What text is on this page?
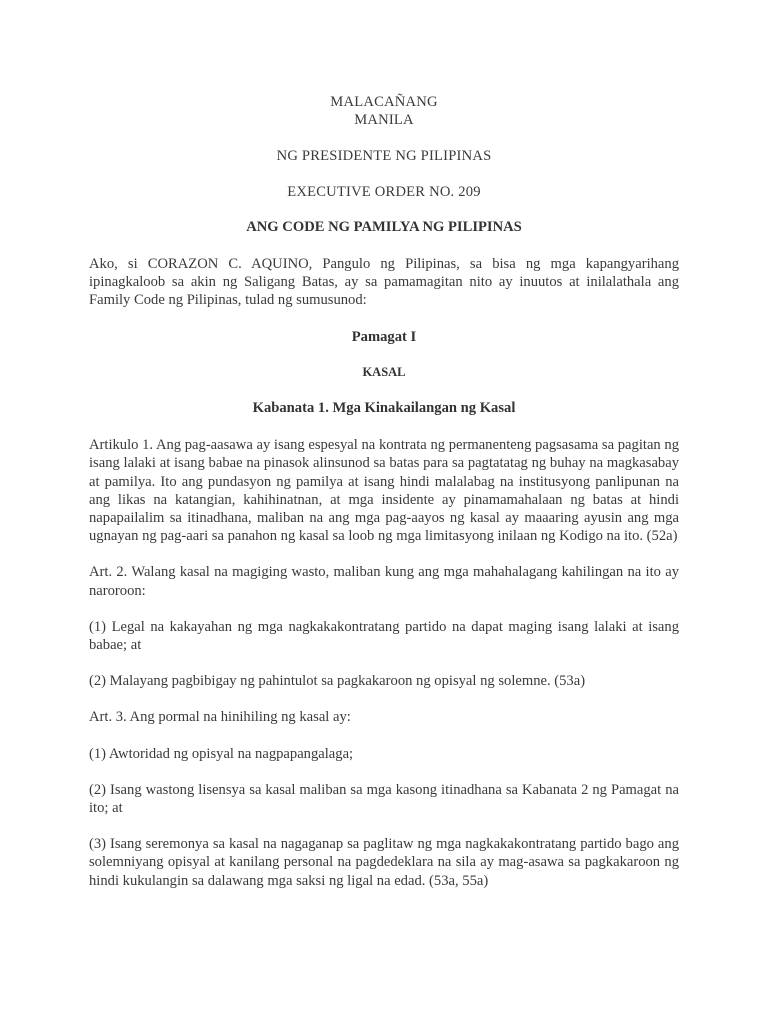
MALACAÑANG

MANILA

NG PRESIDENTE NG PILIPINAS

EXECUTIVE ORDER NO. 209

ANG CODE NG PAMILYA NG PILIPINAS

Ako, si CORAZON C. AQUINO, Pangulo ng Pilipinas, sa bisa ng mga kapangyarihang ipinagkaloob sa akin ng Saligang Batas, ay sa pamamagitan nito ay inuutos at inilalathala ang Family Code ng Pilipinas, tulad ng sumusunod:

Pamagat I

KASAL

Kabanata 1. Mga Kinakailangan ng Kasal

Artikulo 1. Ang pag-aasawa ay isang espesyal na kontrata ng permanenteng pagsasama sa pagitan ng isang lalaki at isang babae na pinasok alinsunod sa batas para sa pagtatatag ng buhay na magkasabay at pamilya. Ito ang pundasyon ng pamilya at isang hindi malalabag na institusyong panlipunan na ang likas na katangian, kahihinatnan, at mga insidente ay pinamamahalaan ng batas at hindi napapailalim sa itinadhana, maliban na ang mga pag-aayos ng kasal ay maaaring ayusin ang mga ugnayan ng pag-aari sa panahon ng kasal sa loob ng mga limitasyong inilaan ng Kodigo na ito. (52a)

Art. 2. Walang kasal na magiging wasto, maliban kung ang mga mahahalagang kahilingan na ito ay naroroon:

(1) Legal na kakayahan ng mga nagkakakontratang partido na dapat maging isang lalaki at isang babae; at

(2) Malayang pagbibigay ng pahintulot sa pagkakaroon ng opisyal ng solemne. (53a)

Art. 3. Ang pormal na hinihiling ng kasal ay:

(1) Awtoridad ng opisyal na nagpapangalaga;

(2) Isang wastong lisensya sa kasal maliban sa mga kasong itinadhana sa Kabanata 2 ng Pamagat na ito; at

(3) Isang seremonya sa kasal na nagaganap sa paglitaw ng mga nagkakakontratang partido bago ang solemniyang opisyal at kanilang personal na pagdedeklara na sila ay mag-asawa sa pagkakaroon ng hindi kukulangin sa dalawang mga saksi ng ligal na edad. (53a, 55a)
